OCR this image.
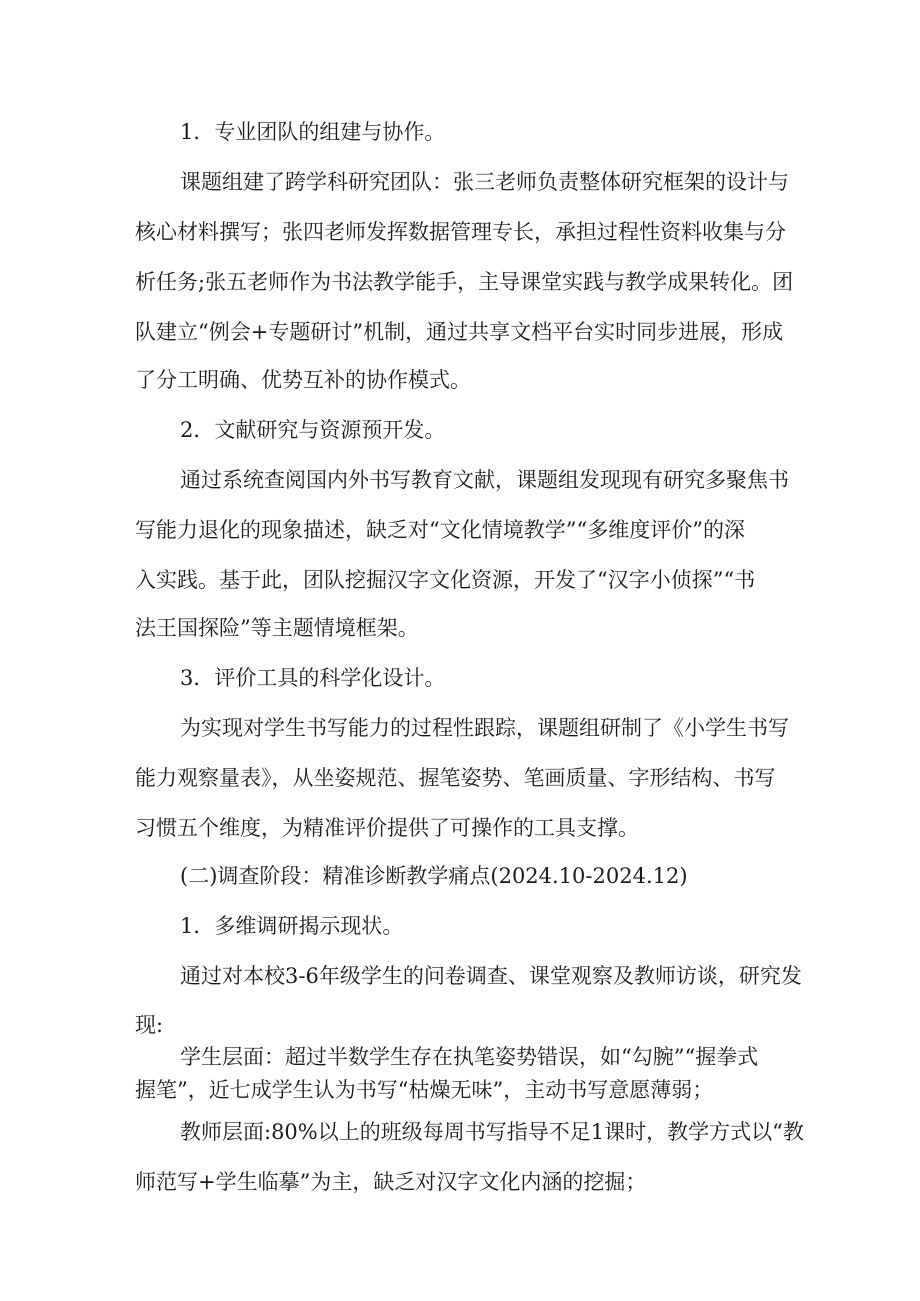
1．专业团队的组建与协作。
课题组建了跨学科研究团队：张三老师负责整体研究框架的设计与
核心材料撰写；张四老师发挥数据管理专长，承担过程性资料收集与分
析任务;张五老师作为书法教学能手，主导课堂实践与教学成果转化。团
队建立“例会+专题研讨”机制，通过共享文档平台实时同步进展，形成
了分工明确、优势互补的协作模式。
2．文献研究与资源预开发。
通过系统查阅国内外书写教育文献，课题组发现现有研究多聚焦书
写能力退化的现象描述，缺乏对“文化情境教学”“多维度评价”的深
入实践。基于此，团队挖掘汉字文化资源，开发了“汉字小侦探”“书
法王国探险”等主题情境框架。
3．评价工具的科学化设计。
为实现对学生书写能力的过程性跟踪，课题组研制了《小学生书写
能力观察量表》，从坐姿规范、握笔姿势、笔画质量、字形结构、书写
习惯五个维度，为精准评价提供了可操作的工具支撑。
(二)调查阶段：精准诊断教学痛点(2024.10-2024.12)
1．多维调研揭示现状。
通过对本校3-6年级学生的问卷调查、课堂观察及教师访谈，研究发
现:
学生层面：超过半数学生存在执笔姿势错误，如“勾腕”“握拳式
握笔”，近七成学生认为书写“枯燥无味”，主动书写意愿薄弱；
教师层面:80%以上的班级每周书写指导不足1课时，教学方式以“教
师范写+学生临摹”为主，缺乏对汉字文化内涵的挖掘；
